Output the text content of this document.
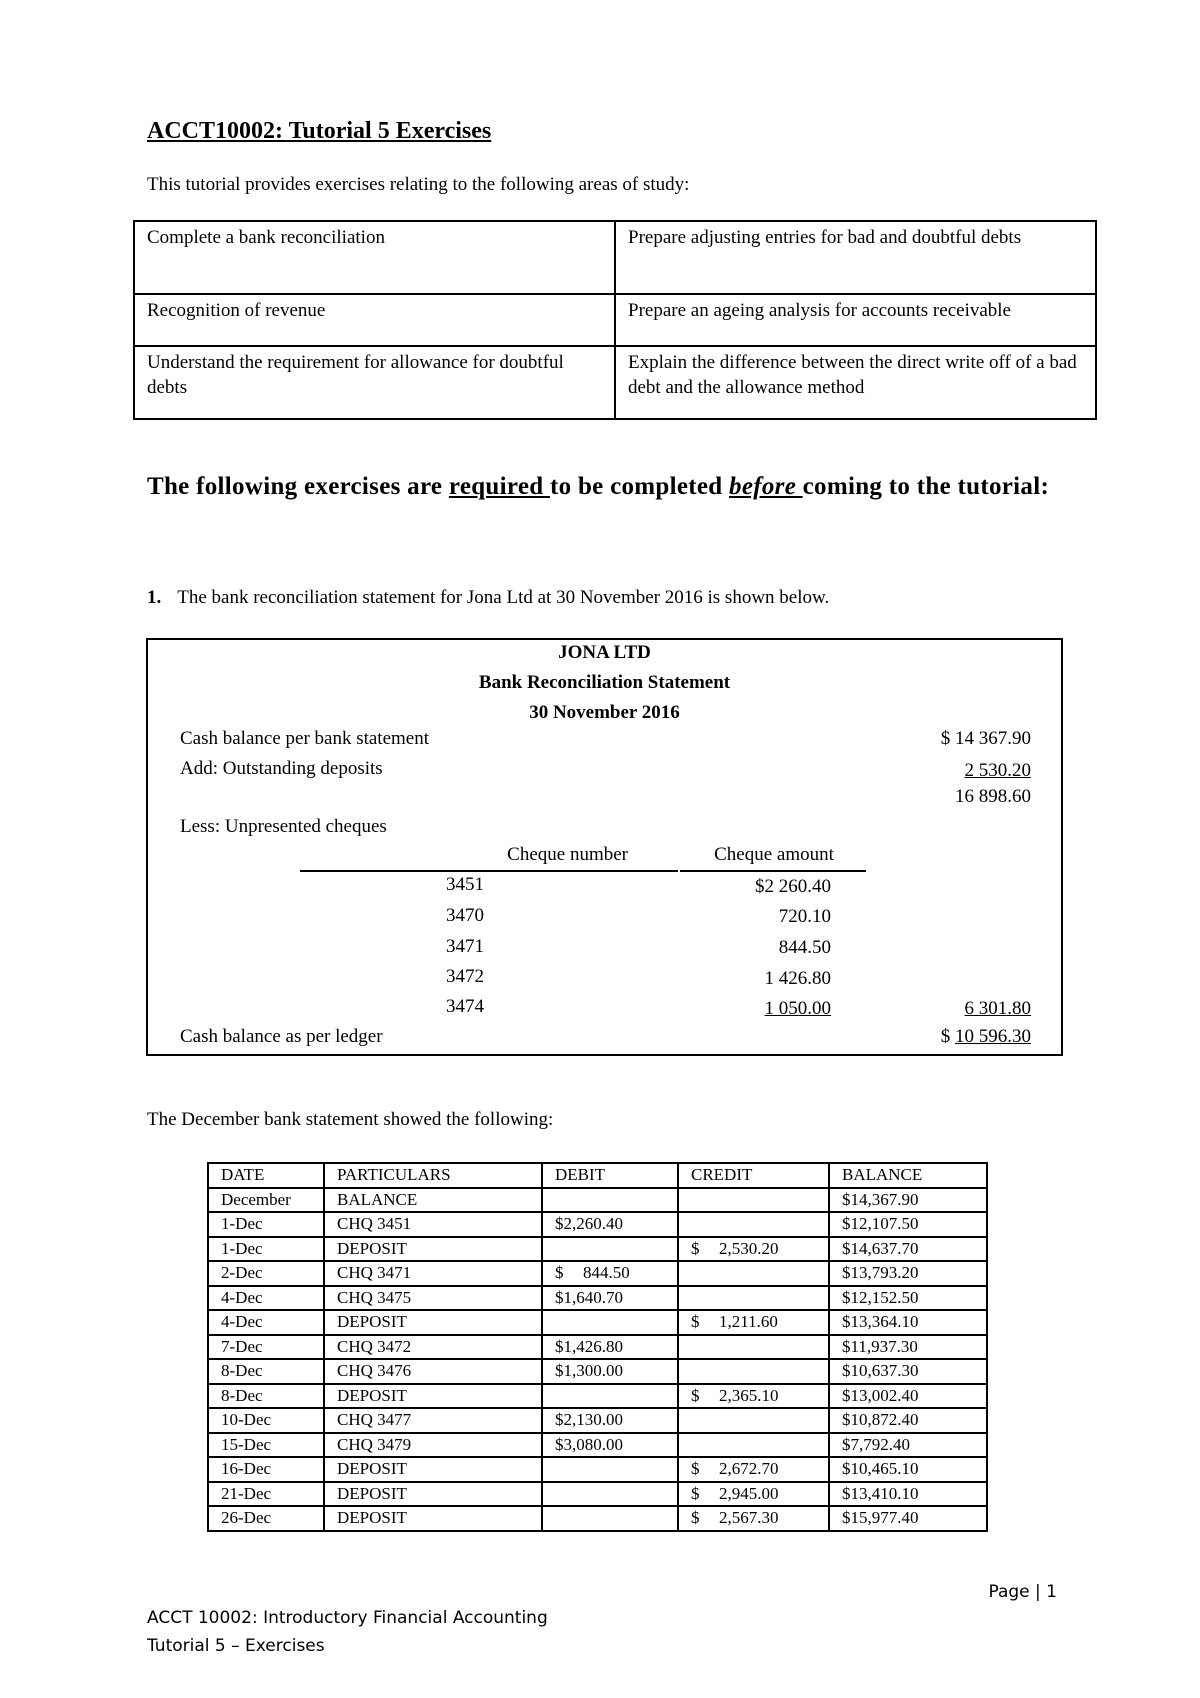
ACCT10002: Tutorial 5 Exercises
This tutorial provides exercises relating to the following areas of study:
Complete a bank reconciliation	Prepare adjusting entries for bad and doubtful debts
Recognition of revenue	Prepare an ageing analysis for accounts receivable
Understand the requirement for allowance for doubtful debts	Explain the difference between the direct write off of a bad debt and the allowance method
The following exercises are required to be completed before coming to the tutorial:
1. The bank reconciliation statement for Jona Ltd at 30 November 2016 is shown below.
JONA LTD
Bank Reconciliation Statement
30 November 2016
Cash balance per bank statement	$ 14 367.90
Add: Outstanding deposits	2 530.20
16 898.60
Less: Unpresented cheques
Cheque number	Cheque amount
3451	$2 260.40
3470	720.10
3471	844.50
3472	1 426.80
3474	1 050.00	6 301.80
Cash balance as per ledger	$ 10 596.30
The December bank statement showed the following:
DATE	PARTICULARS	DEBIT	CREDIT	BALANCE
December	BALANCE			$14,367.90
1-Dec	CHQ 3451	$2,260.40		$12,107.50
1-Dec	DEPOSIT		$ 2,530.20	$14,637.70
2-Dec	CHQ 3471	$ 844.50		$13,793.20
4-Dec	CHQ 3475	$1,640.70		$12,152.50
4-Dec	DEPOSIT		$ 1,211.60	$13,364.10
7-Dec	CHQ 3472	$1,426.80		$11,937.30
8-Dec	CHQ 3476	$1,300.00		$10,637.30
8-Dec	DEPOSIT		$ 2,365.10	$13,002.40
10-Dec	CHQ 3477	$2,130.00		$10,872.40
15-Dec	CHQ 3479	$3,080.00		$7,792.40
16-Dec	DEPOSIT		$ 2,672.70	$10,465.10
21-Dec	DEPOSIT		$ 2,945.00	$13,410.10
26-Dec	DEPOSIT		$ 2,567.30	$15,977.40
Page | 1
ACCT 10002: Introductory Financial Accounting
Tutorial 5 – Exercises
